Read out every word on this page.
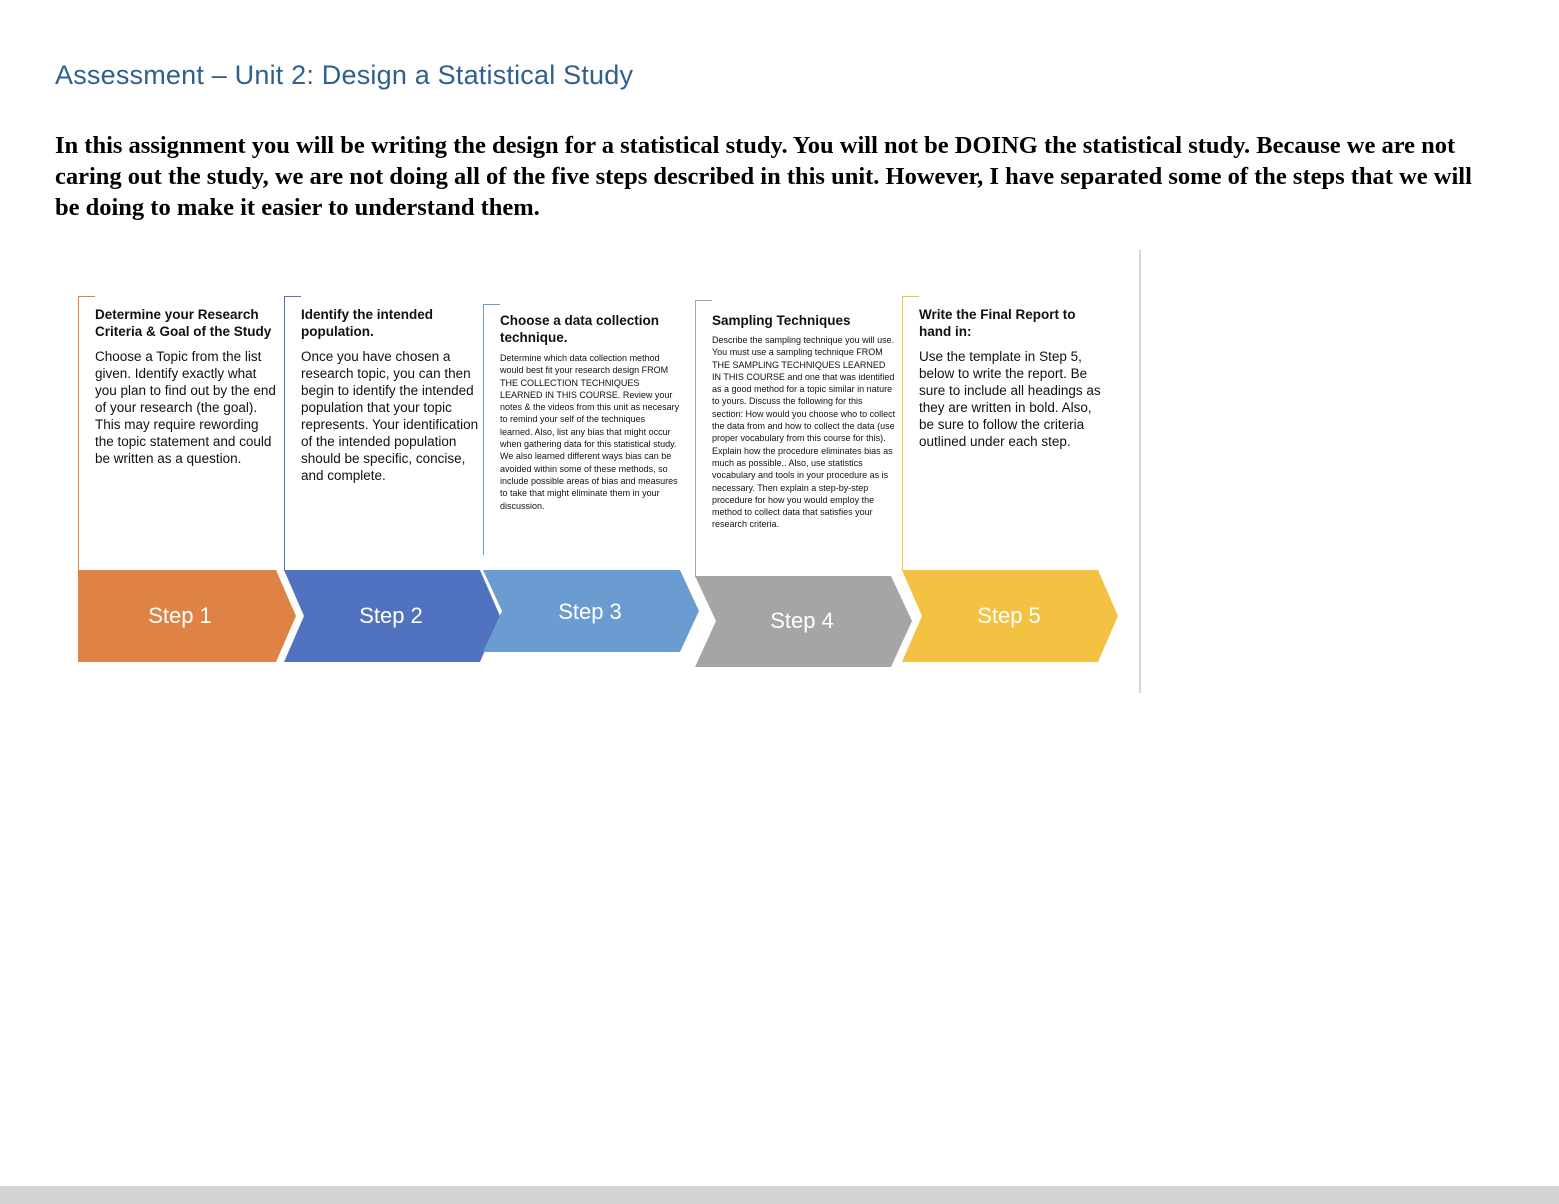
Assessment – Unit 2: Design a Statistical Study

In this assignment you will be writing the design for a statistical study. You will not be DOING the statistical study. Because we are not caring out the study, we are not doing all of the five steps described in this unit. However, I have separated some of the steps that we will be doing to make it easier to understand them.

Determine your Research Criteria & Goal of the Study

Choose a Topic from the list given. Identify exactly what you plan to find out by the end of your research (the goal). This may require rewording the topic statement and could be written as a question.

Identify the intended population.

Once you have chosen a research topic, you can then begin to identify the intended population that your topic represents. Your identification of the intended population should be specific, concise, and complete.

Choose a data collection technique.

Determine which data collection method would best fit your research design FROM THE COLLECTION TECHNIQUES LEARNED IN THIS COURSE. Review your notes & the videos from this unit as necesary to remind your self of the techniques learned. Also, list any bias that might occur when gathering data for this statistical study. We also learned different ways bias can be avoided within some of these methods, so include possible areas of bias and measures to take that might eliminate them in your discussion.

Sampling Techniques

Describe the sampling technique you will use. You must use a sampling technique FROM THE SAMPLING TECHNIQUES LEARNED IN THIS COURSE and one that was identified as a good method for a topic similar in nature to yours. Discuss the following for this section: How would you choose who to collect the data from and how to collect the data (use proper vocabulary from this course for this). Explain how the procedure eliminates bias as much as possible.. Also, use statistics vocabulary and tools in your procedure as is necessary. Then explain a step-by-step procedure for how you would employ the method to collect data that satisfies your research criteria.

Write the Final Report to hand in:

Use the template in Step 5, below to write the report. Be sure to include all headings as they are written in bold. Also, be sure to follow the criteria outlined under each step.

Step 1	Step 2	Step 3	Step 4	Step 5
